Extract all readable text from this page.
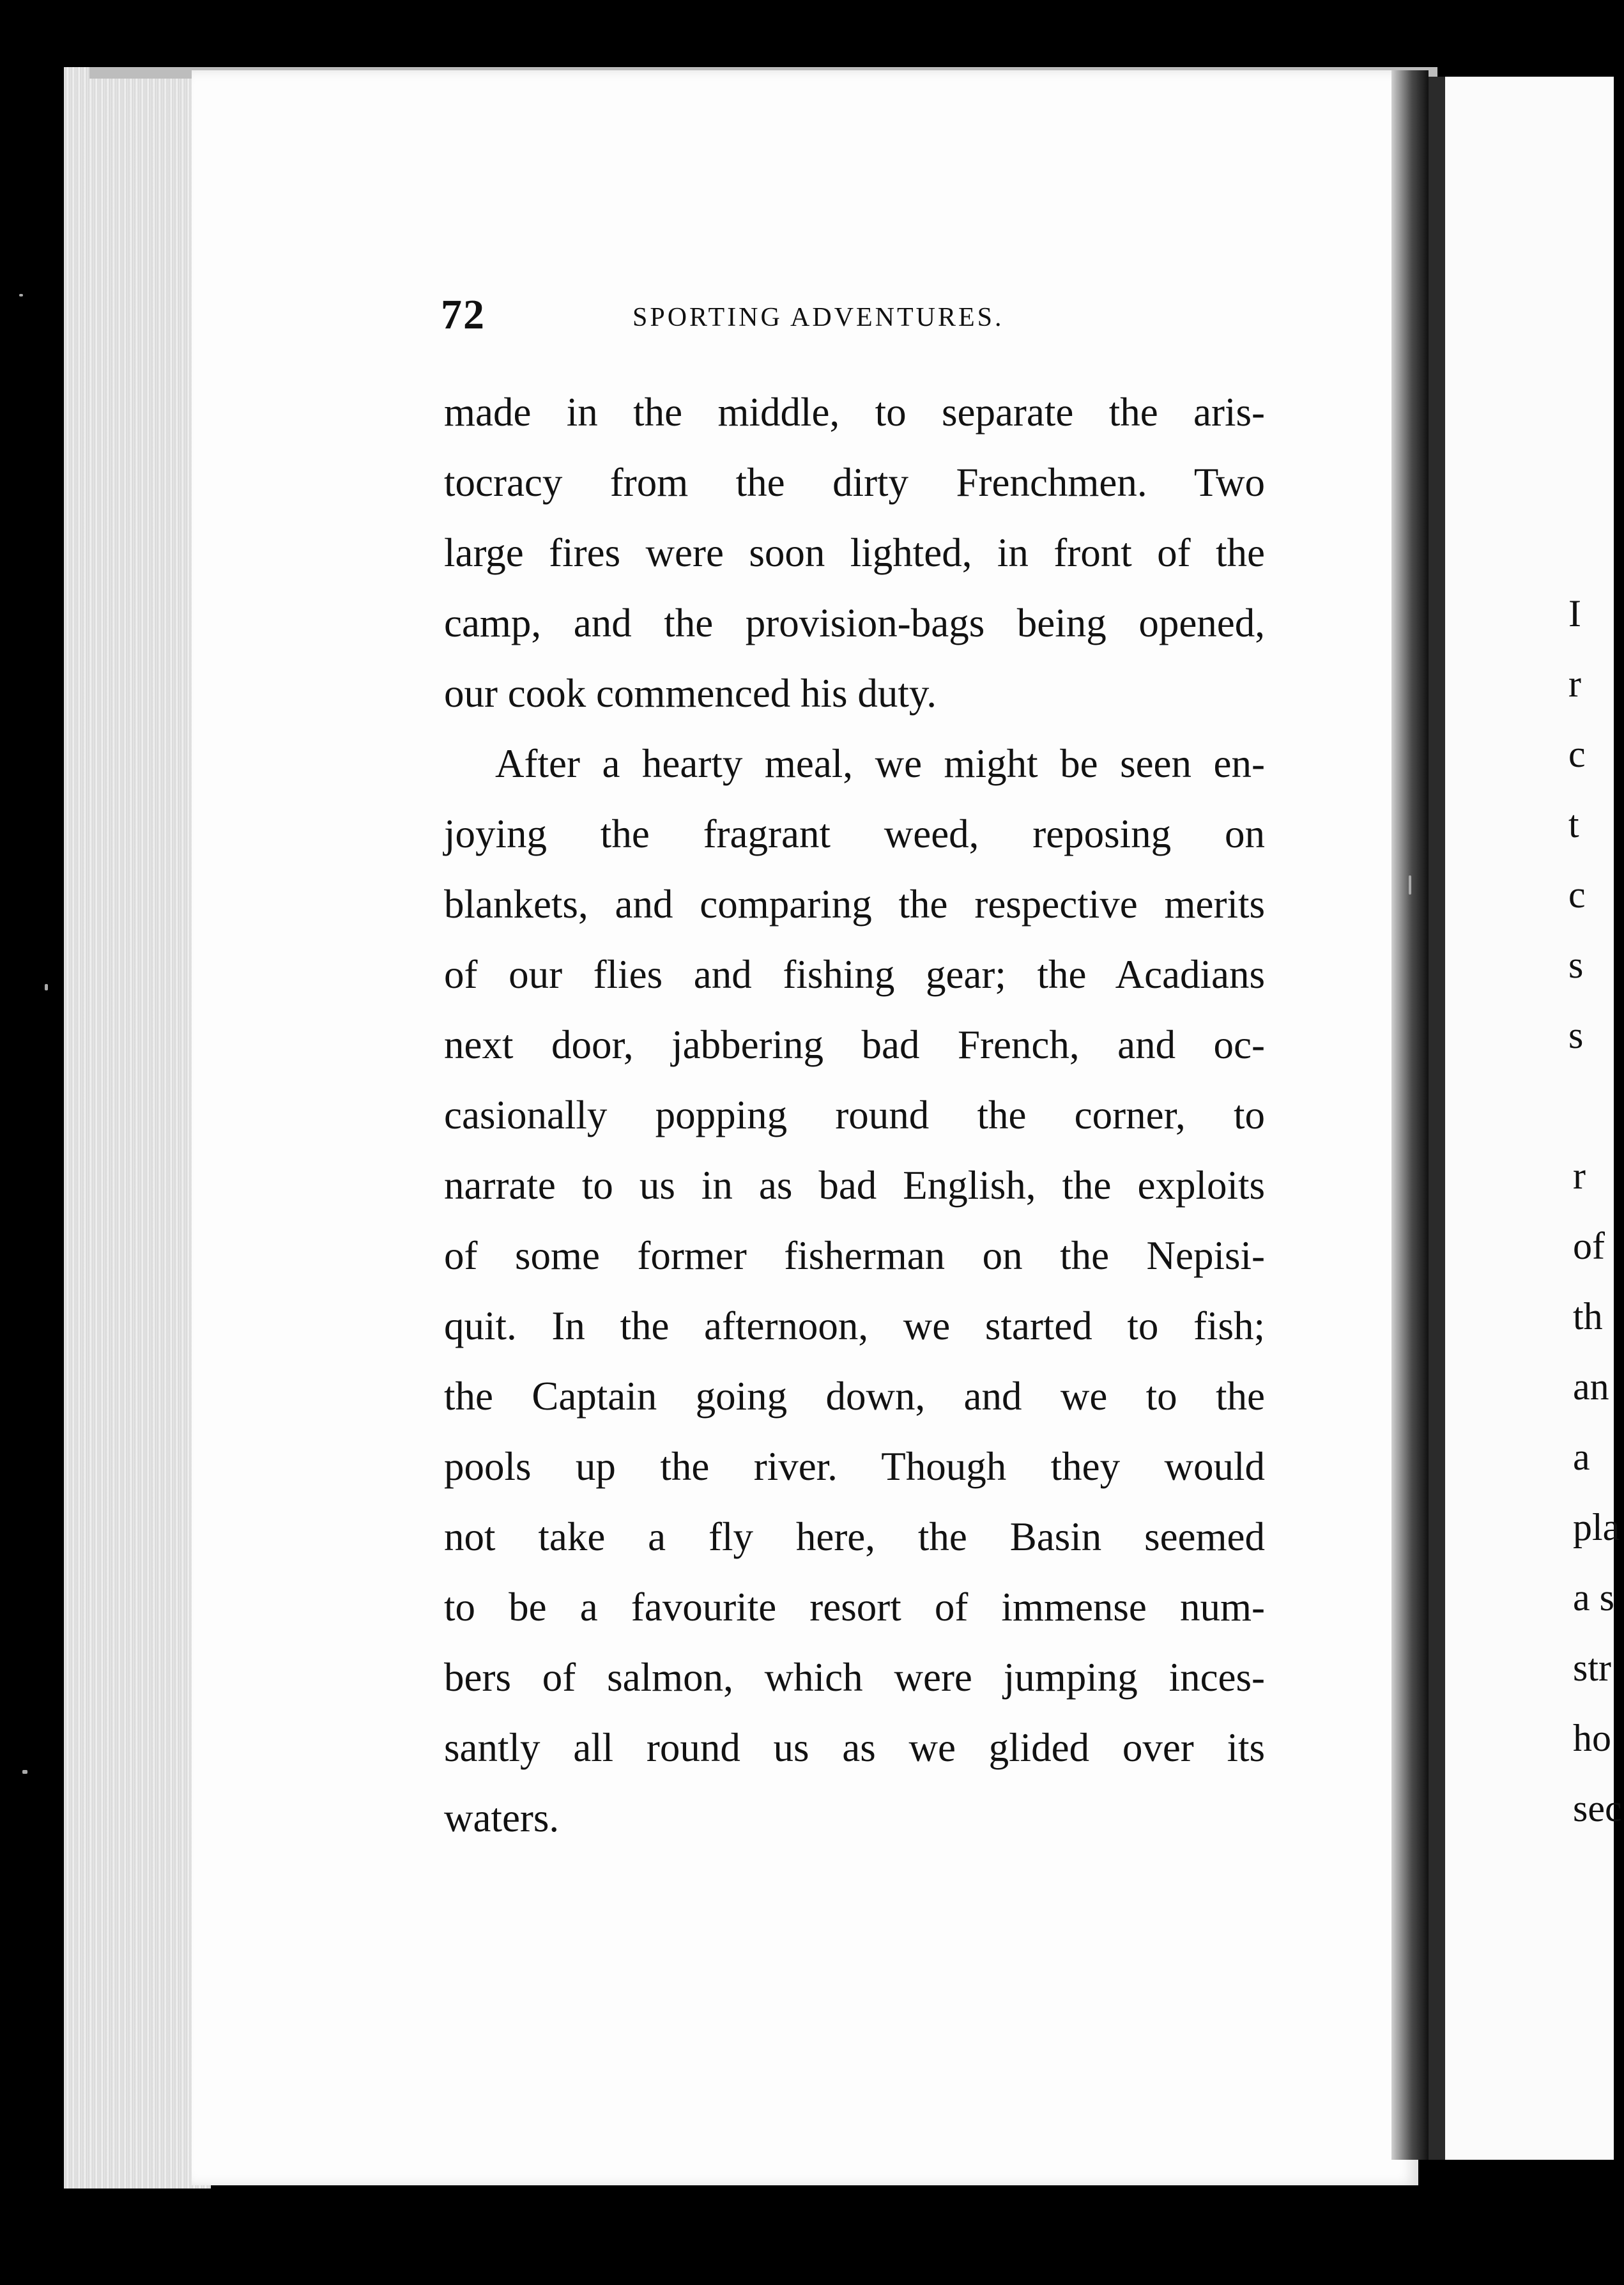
72	SPORTING ADVENTURES.
made in the middle, to separate the aris-
tocracy from the dirty Frenchmen. Two
large fires were soon lighted, in front of the
camp, and the provision-bags being opened,
our cook commenced his duty.
After a hearty meal, we might be seen en-
joying the fragrant weed, reposing on
blankets, and comparing the respective merits
of our flies and fishing gear; the Acadians
next door, jabbering bad French, and oc-
casionally popping round the corner, to
narrate to us in as bad English, the exploits
of some former fisherman on the Nepisi-
quit. In the afternoon, we started to fish;
the Captain going down, and we to the
pools up the river. Though they would
not take a fly here, the Basin seemed
to be a favourite resort of immense num-
bers of salmon, which were jumping inces-
santly all round us as we glided over its
waters.
I
r
c
t
c
s
s
r
of
th
an
a
pla
a s
str
ho
sec
